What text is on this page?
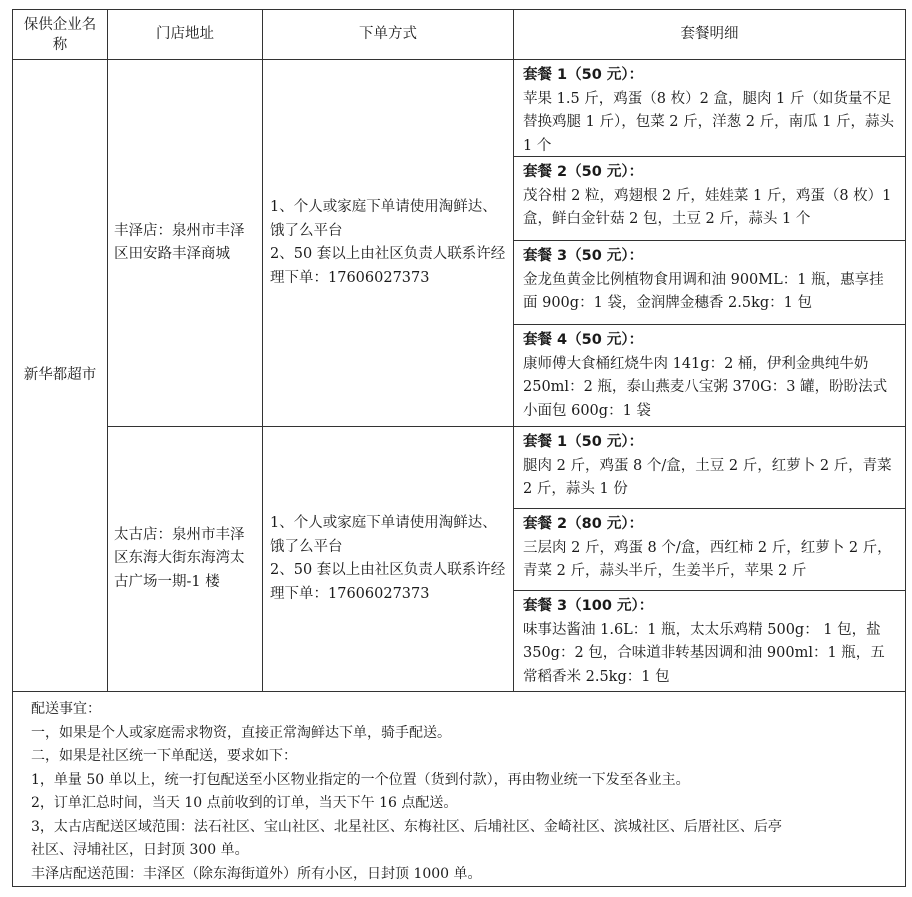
保供企业名称
门店地址	下单方式	套餐明细
新华都超市
丰泽店：泉州市丰泽区田安路丰泽商城
1、个人或家庭下单请使用淘鲜达、饿了么平台
2、50 套以上由社区负责人联系许经理下单：17606027373
套餐 1（50 元）：
苹果 1.5 斤，鸡蛋（8 枚）2 盒，腿肉 1 斤（如货量不足替换鸡腿 1 斤），包菜 2 斤，洋葱 2 斤，南瓜 1 斤，蒜头 1 个
套餐 2（50 元）：
茂谷柑 2 粒，鸡翅根 2 斤，娃娃菜 1 斤，鸡蛋（8 枚）1 盒，鲜白金针菇 2 包，土豆 2 斤，蒜头 1 个
套餐 3（50 元）：
金龙鱼黄金比例植物食用调和油 900ML：1 瓶，惠享挂面 900g：1 袋，金润牌金穗香 2.5kg：1 包
套餐 4（50 元）：
康师傅大食桶红烧牛肉 141g：2 桶，伊利金典纯牛奶 250ml：2 瓶，泰山燕麦八宝粥 370G：3 罐，盼盼法式小面包 600g：1 袋
太古店：泉州市丰泽区东海大街东海湾太古广场一期-1 楼
1、个人或家庭下单请使用淘鲜达、饿了么平台
2、50 套以上由社区负责人联系许经理下单：17606027373
套餐 1（50 元）：
腿肉 2 斤，鸡蛋 8 个/盒，土豆 2 斤，红萝卜 2 斤，青菜 2 斤，蒜头 1 份
套餐 2（80 元）：
三层肉 2 斤，鸡蛋 8 个/盒，西红柿 2 斤，红萝卜 2 斤，青菜 2 斤，蒜头半斤，生姜半斤，苹果 2 斤
套餐 3（100 元）：
味事达酱油 1.6L：1 瓶，太太乐鸡精 500g： 1 包，盐 350g：2 包，合味道非转基因调和油 900ml：1 瓶，五常稻香米 2.5kg：1 包
配送事宜：
一，如果是个人或家庭需求物资，直接正常淘鲜达下单，骑手配送。
二，如果是社区统一下单配送，要求如下：
1，单量 50 单以上，统一打包配送至小区物业指定的一个位置（货到付款），再由物业统一下发至各业主。
2，订单汇总时间，当天 10 点前收到的订单，当天下午 16 点配送。
3，太古店配送区域范围：法石社区、宝山社区、北星社区、东梅社区、后埔社区、金崎社区、滨城社区、后厝社区、后亭
社区、浔埔社区，日封顶 300 单。
丰泽店配送范围：丰泽区（除东海街道外）所有小区，日封顶 1000 单。
